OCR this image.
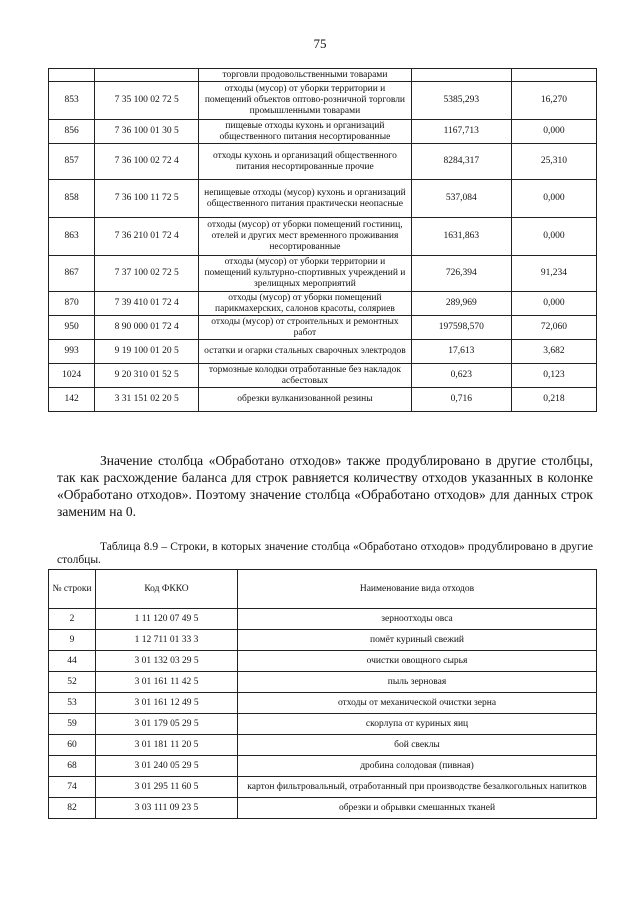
75
		торговли продовольственными товарами		
853	7 35 100 02 72 5	отходы (мусор) от уборки территории и помещений объектов оптово-розничной торговли промышленными товарами	5385,293	16,270
856	7 36 100 01 30 5	пищевые отходы кухонь и организаций общественного питания несортированные	1167,713	0,000
857	7 36 100 02 72 4	отходы кухонь и организаций общественного питания несортированные прочие	8284,317	25,310
858	7 36 100 11 72 5	непищевые отходы (мусор) кухонь и организаций общественного питания практически неопасные	537,084	0,000
863	7 36 210 01 72 4	отходы (мусор) от уборки помещений гостиниц, отелей и других мест временного проживания несортированные	1631,863	0,000
867	7 37 100 02 72 5	отходы (мусор) от уборки территории и помещений культурно-спортивных учреждений и зрелищных мероприятий	726,394	91,234
870	7 39 410 01 72 4	отходы (мусор) от уборки помещений парикмахерских, салонов красоты, соляриев	289,969	0,000
950	8 90 000 01 72 4	отходы (мусор) от строительных и ремонтных работ	197598,570	72,060
993	9 19 100 01 20 5	остатки и огарки стальных сварочных электродов	17,613	3,682
1024	9 20 310 01 52 5	тормозные колодки отработанные без накладок асбестовых	0,623	0,123
142	3 31 151 02 20 5	обрезки вулканизованной резины	0,716	0,218
Значение столбца «Обработано отходов» также продублировано в другие столбцы, так как расхождение баланса для строк равняется количеству отходов указанных в колонке «Обработано отходов». Поэтому значение столбца «Обработано отходов» для данных строк заменим на 0.
Таблица 8.9 – Строки, в которых значение столбца «Обработано отходов» продублировано в другие столбцы.
№ строки	Код ФККО	Наименование вида отходов
2	1 11 120 07 49 5	зерноотходы овса
9	1 12 711 01 33 3	помёт куриный свежий
44	3 01 132 03 29 5	очистки овощного сырья
52	3 01 161 11 42 5	пыль зерновая
53	3 01 161 12 49 5	отходы от механической очистки зерна
59	3 01 179 05 29 5	скорлупа от куриных яиц
60	3 01 181 11 20 5	бой свеклы
68	3 01 240 05 29 5	дробина солодовая (пивная)
74	3 01 295 11 60 5	картон фильтровальный, отработанный при производстве безалкогольных напитков
82	3 03 111 09 23 5	обрезки и обрывки смешанных тканей
